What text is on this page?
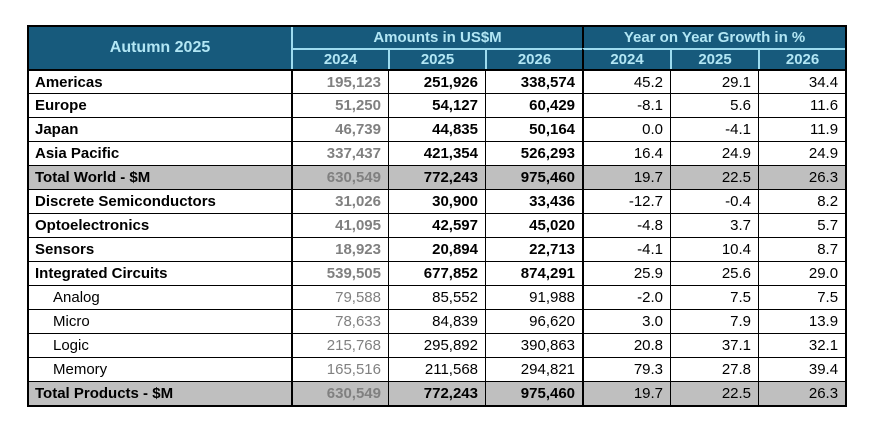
Autumn 2025	Amounts in US$M			Year on Year Growth in %		
	2024	2025	2026	2024	2025	2026
Americas	195,123	251,926	338,574	45.2	29.1	34.4
Europe	51,250	54,127	60,429	-8.1	5.6	11.6
Japan	46,739	44,835	50,164	0.0	-4.1	11.9
Asia Pacific	337,437	421,354	526,293	16.4	24.9	24.9
Total World - $M	630,549	772,243	975,460	19.7	22.5	26.3
Discrete Semiconductors	31,026	30,900	33,436	-12.7	-0.4	8.2
Optoelectronics	41,095	42,597	45,020	-4.8	3.7	5.7
Sensors	18,923	20,894	22,713	-4.1	10.4	8.7
Integrated Circuits	539,505	677,852	874,291	25.9	25.6	29.0
Analog	79,588	85,552	91,988	-2.0	7.5	7.5
Micro	78,633	84,839	96,620	3.0	7.9	13.9
Logic	215,768	295,892	390,863	20.8	37.1	32.1
Memory	165,516	211,568	294,821	79.3	27.8	39.4
Total Products - $M	630,549	772,243	975,460	19.7	22.5	26.3
